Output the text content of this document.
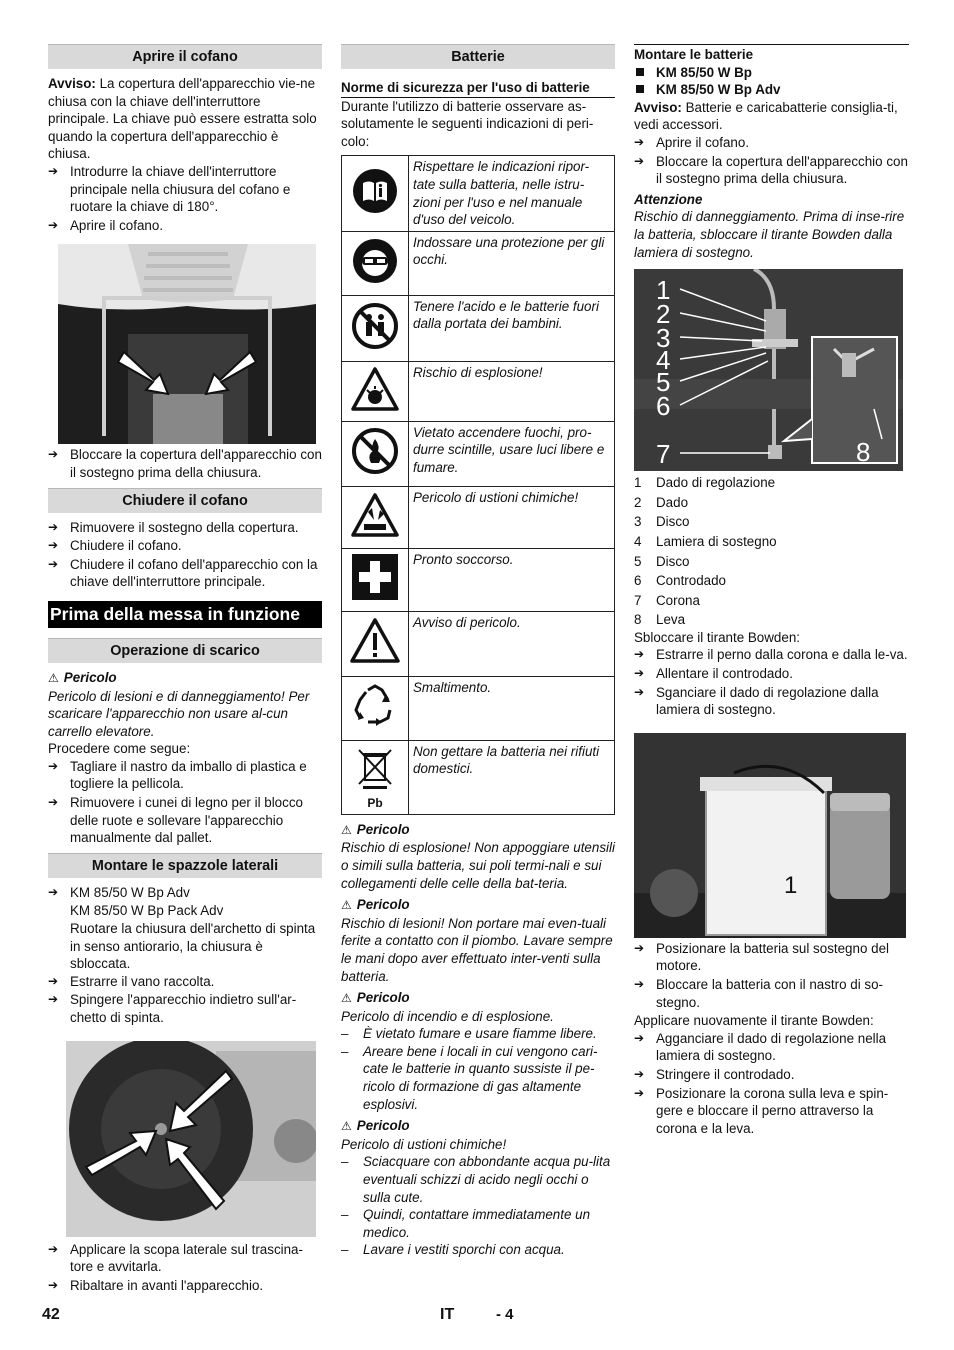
Aprire il cofano

Avviso: La copertura dell'apparecchio vie-ne chiusa con la chiave dell'interruttore principale. La chiave può essere estratta solo quando la copertura dell'apparecchio è chiusa.

➔ Introdurre la chiave dell'interruttore principale nella chiusura del cofano e ruotare la chiave di 180°.
➔ Aprire il cofano.
➔ Bloccare la copertura dell'apparecchio con il sostegno prima della chiusura.
Chiudere il cofano
➔ Rimuovere il sostegno della copertura.
➔ Chiudere il cofano.
➔ Chiudere il cofano dell'apparecchio con la chiave dell'interruttore principale.
Prima della messa in funzione
Operazione di scarico
⚠ Pericolo

Pericolo di lesioni e di danneggiamento! Per scaricare l'apparecchio non usare al-cun carrello elevatore.

Procedere come segue:

➔ Tagliare il nastro da imballo di plastica e togliere la pellicola.
➔ Rimuovere i cunei di legno per il blocco delle ruote e sollevare l'apparecchio manualmente dal pallet.
Montare le spazzole laterali
➔ KM 85/50 W Bp Adv

KM 85/50 W Bp Pack Adv

Ruotare la chiusura dell'archetto di spinta in senso antiorario, la chiusura è sbloccata.

➔ Estrarre il vano raccolta.
➔ Spingere l'apparecchio indietro sull'ar-chetto di spinta.
➔ Applicare la scopa laterale sul trascina-tore e avvitarla.
➔ Ribaltare in avanti l'apparecchio.
Batterie

Norme di sicurezza per l'uso di batterie

Durante l'utilizzo di batterie osservare as-solutamente le seguenti indicazioni di peri-colo:

	Rispettare le indicazioni ripor-tate sulla batteria, nelle istru-zioni per l'uso e nel manuale d'uso del veicolo.
	Indossare una protezione per gli occhi.
	Tenere l'acido e le batterie fuori dalla portata dei bambini.
	Rischio di esplosione!
	Vietato accendere fuochi, pro-durre scintille, usare luci libere e fumare.
	Pericolo di ustioni chimiche!
	Pronto soccorso.
	Avviso di pericolo.
	Smaltimento.

Pb	Non gettare la batteria nei rifiuti domestici.
⚠ Pericolo

Rischio di esplosione! Non appoggiare utensili o simili sulla batteria, sui poli termi-nali e sui collegamenti delle celle della bat-teria.

⚠ Pericolo

Rischio di lesioni! Non portare mai even-tuali ferite a contatto con il piombo. Lavare sempre le mani dopo aver effettuato inter-venti sulla batteria.

⚠ Pericolo

Pericolo di incendio e di esplosione.

– È vietato fumare e usare fiamme libere.
– Areare bene i locali in cui vengono cari-cate le batterie in quanto sussiste il pe-ricolo di formazione di gas altamente esplosivi.
⚠ Pericolo

Pericolo di ustioni chimiche!

– Sciacquare con abbondante acqua pu-lita eventuali schizzi di acido negli occhi o sulla cute.
– Quindi, contattare immediatamente un medico.
– Lavare i vestiti sporchi con acqua.

Montare le batterie

KM 85/50 W Bp
KM 85/50 W Bp Adv

Avviso: Batterie e caricabatterie consiglia-ti, vedi accessori.

➔ Aprire il cofano.
➔ Bloccare la copertura dell'apparecchio con il sostegno prima della chiusura.

Attenzione

Rischio di danneggiamento. Prima di inse-rire la batteria, sbloccare il tirante Bowden dalla lamiera di sostegno.

1
2
3
4
5
6
7	8
1 Dado di regolazione
2 Dado
3 Disco
4 Lamiera di sostegno
5 Disco
6 Controdado
7 Corona
8 Leva

Sbloccare il tirante Bowden:

➔ Estrarre il perno dalla corona e dalla le-va.
➔ Allentare il controdado.
➔ Sganciare il dado di regolazione dalla lamiera di sostegno.
1
➔ Posizionare la batteria sul sostegno del motore.
➔ Bloccare la batteria con il nastro di so-stegno.

Applicare nuovamente il tirante Bowden:

➔ Agganciare il dado di regolazione nella lamiera di sostegno.
➔ Stringere il controdado.
➔ Posizionare la corona sulla leva e spin-gere e bloccare il perno attraverso la corona e la leva.
42	IT	- 4
